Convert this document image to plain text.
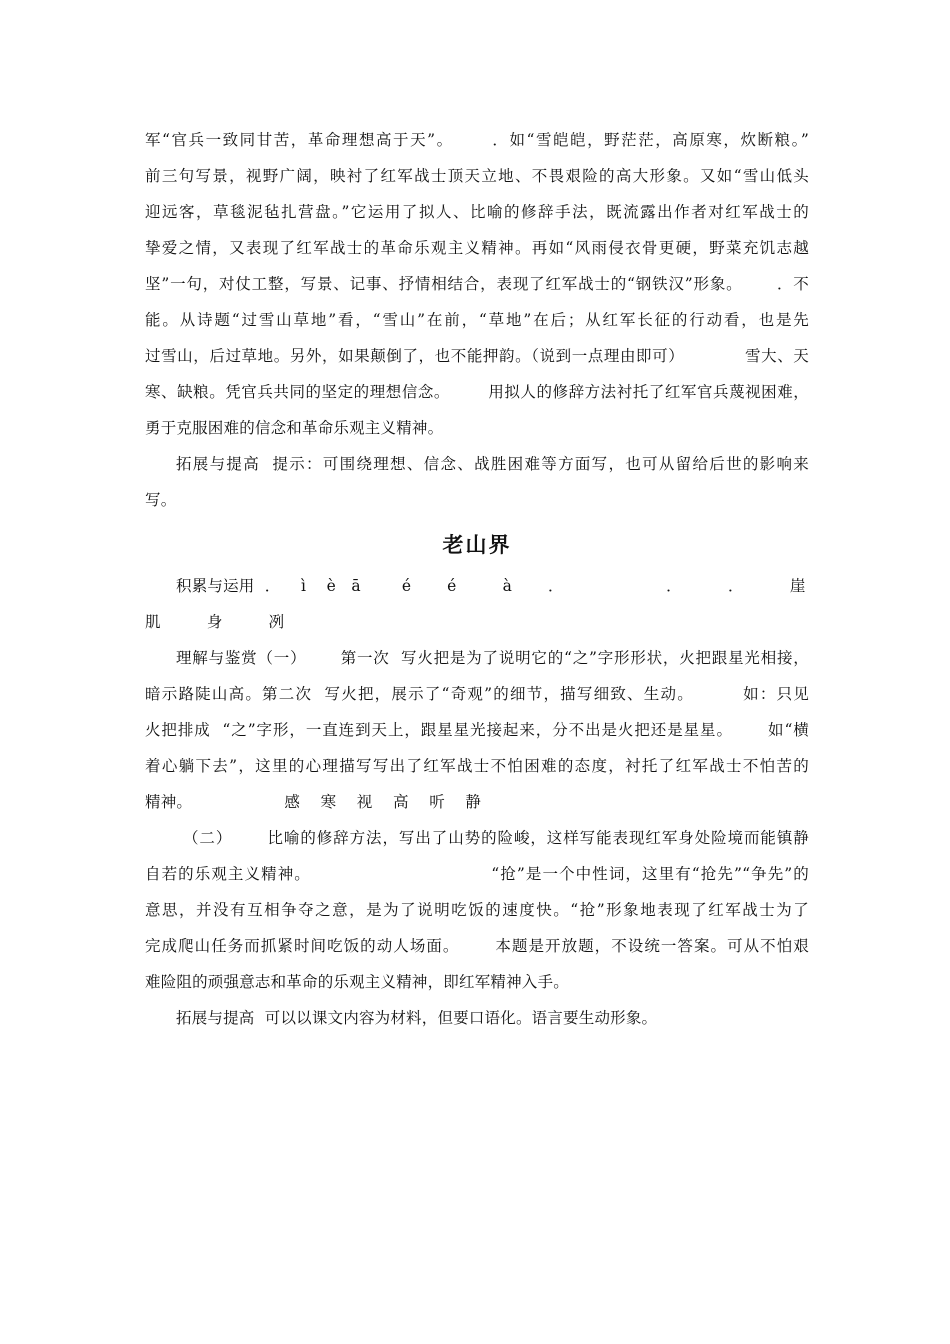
军“官兵一致同甘苦，革命理想高于天”。      ．如“雪皑皑，野茫茫，高原寒，炊断粮。”
前三句写景，视野广阔，映衬了红军战士顶天立地、不畏艰险的高大形象。又如“雪山低头
迎远客，草毯泥毡扎营盘。”它运用了拟人、比喻的修辞手法，既流露出作者对红军战士的
挚爱之情，又表现了红军战士的革命乐观主义精神。再如“风雨侵衣骨更硬，野菜充饥志越
坚”一句，对仗工整，写景、记事、抒情相结合，表现了红军战士的“钢铁汉”形象。      ．不
能。从诗题“过雪山草地”看，“雪山”在前，“草地”在后；从红军长征的行动看，也是先
过雪山，后过草地。另外，如果颠倒了，也不能押韵。（说到一点理由即可）           雪大、天
寒、缺粮。凭官兵共同的坚定的理想信念。       用拟人的修辞方法衬托了红军官兵蔑视困难，
勇于克服困难的信念和革命乐观主义精神。
拓展与提高  提示：可围绕理想、信念、战胜困难等方面写，也可从留给后世的影响来
写。
老山界
积累与运用  ．    ì    è   ā        é       é         à       ．                    ．         ．         崖
肌         身         冽
理解与鉴赏（一）      第一次  写火把是为了说明它的“之”字形形状，火把跟星光相接，
暗示路陡山高。第二次  写火把，展示了“奇观”的细节，描写细致、生动。        如：只见
火把排成  “之”字形，一直连到天上，跟星星光接起来，分不出是火把还是星星。      如“横
着心躺下去”，这里的心理描写写出了红军战士不怕困难的态度，衬托了红军战士不怕苦的
精神。                  感    寒    视    高    听    静
（二）      比喻的修辞方法，写出了山势的险峻，这样写能表现红军身处险境而能镇静
自若的乐观主义精神。                              “抢”是一个中性词，这里有“抢先”“争先”的
意思，并没有互相争夺之意，是为了说明吃饭的速度快。“抢”形象地表现了红军战士为了
完成爬山任务而抓紧时间吃饭的动人场面。      本题是开放题，不设统一答案。可从不怕艰
难险阻的顽强意志和革命的乐观主义精神，即红军精神入手。
拓展与提高  可以以课文内容为材料，但要口语化。语言要生动形象。
